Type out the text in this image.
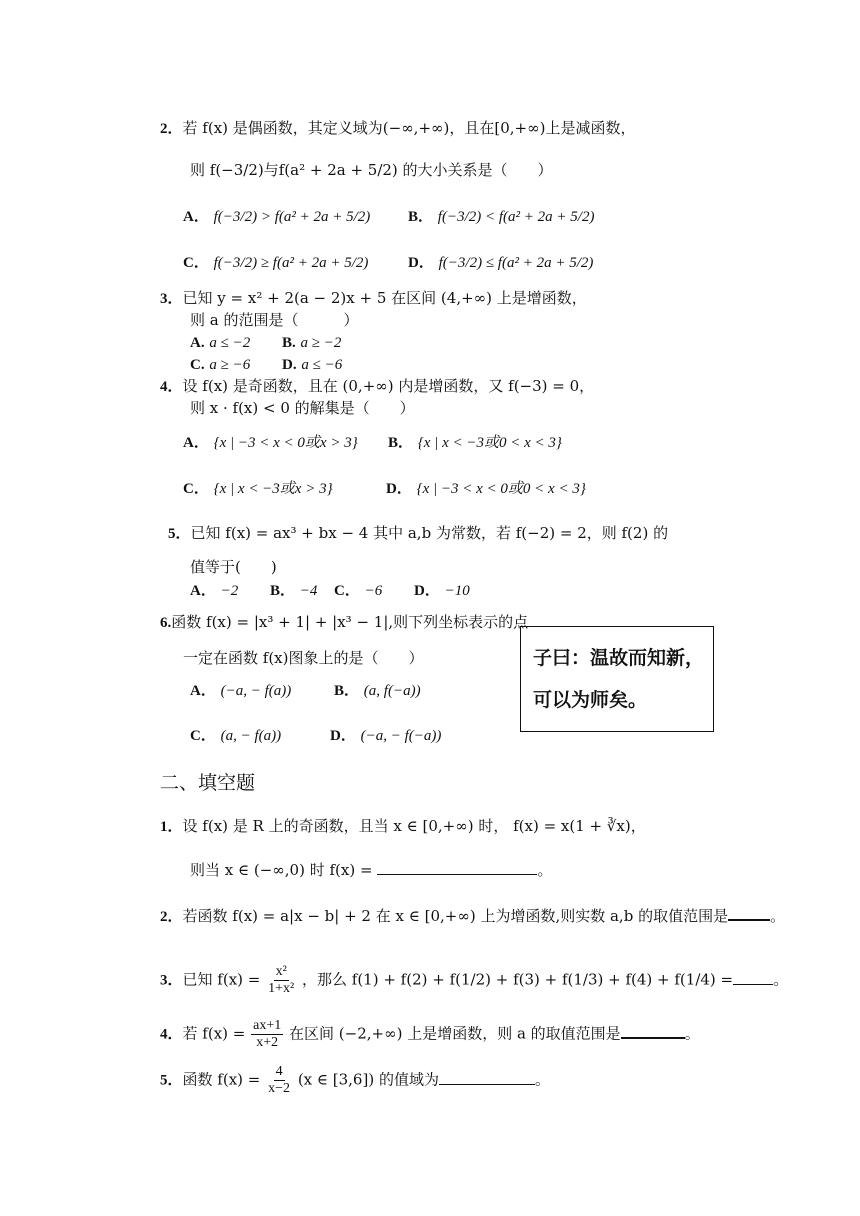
2．若 f(x) 是偶函数，其定义域为(−∞,+∞)，且在[0,+∞)上是减函数，
则 f(−3/2)与f(a² + 2a + 5/2) 的大小关系是（　　）
A． f(−3/2) > f(a² + 2a + 5/2)	B． f(−3/2) < f(a² + 2a + 5/2)
C． f(−3/2) ≥ f(a² + 2a + 5/2)	D． f(−3/2) ≤ f(a² + 2a + 5/2)
3．已知 y = x² + 2(a − 2)x + 5 在区间 (4,+∞) 上是增函数，
则 a 的范围是（　　　）
A. a ≤ −2 B. a ≥ −2
C. a ≥ −6 D. a ≤ −6
4．设 f(x) 是奇函数，且在 (0,+∞) 内是增函数，又 f(−3) = 0，
则 x · f(x) < 0 的解集是（　　）
A． {x | −3 < x < 0或x > 3} B． {x | x < −3或0 < x < 3}
C． {x | x < −3或x > 3}	D． {x | −3 < x < 0或0 < x < 3}
5．已知 f(x) = ax³ + bx − 4 其中 a,b 为常数，若 f(−2) = 2，则 f(2) 的
值等于(　　)
A． −2 B． −4 C． −6 D． −10
6.函数 f(x) = |x³ + 1| + |x³ − 1|,则下列坐标表示的点
一定在函数 f(x)图象上的是（　　）
A． (−a, − f(a))	B． (a, f(−a))
C． (a, − f(a))	D． (−a, − f(−a))
子曰：温故而知新，
可以为师矣。
二、填空题
1．设 f(x) 是 R 上的奇函数，且当 x ∈ [0,+∞) 时， f(x) = x(1 + ∛x)，
则当 x ∈ (−∞,0) 时 f(x) =	。
2．若函数 f(x) = a|x − b| + 2 在 x ∈ [0,+∞) 上为增函数,则实数 a,b 的取值范围是	。
3．已知 $f(x) = \frac{\text{x²}}{\text{1+x²}}$ ，那么 f(1) + f(2) + f(1/2) + f(3) + f(1/3) + f(4) + f(1/4) =	。
4．若 $f(x) = \frac{ax+1}{x+2}$ 在区间 (−2,+∞) 上是增函数，则 a 的取值范围是	。
5．函数 $f(x) = \frac{4}{x-2} (x$ ∈ [3,6]) 的值域为	。
